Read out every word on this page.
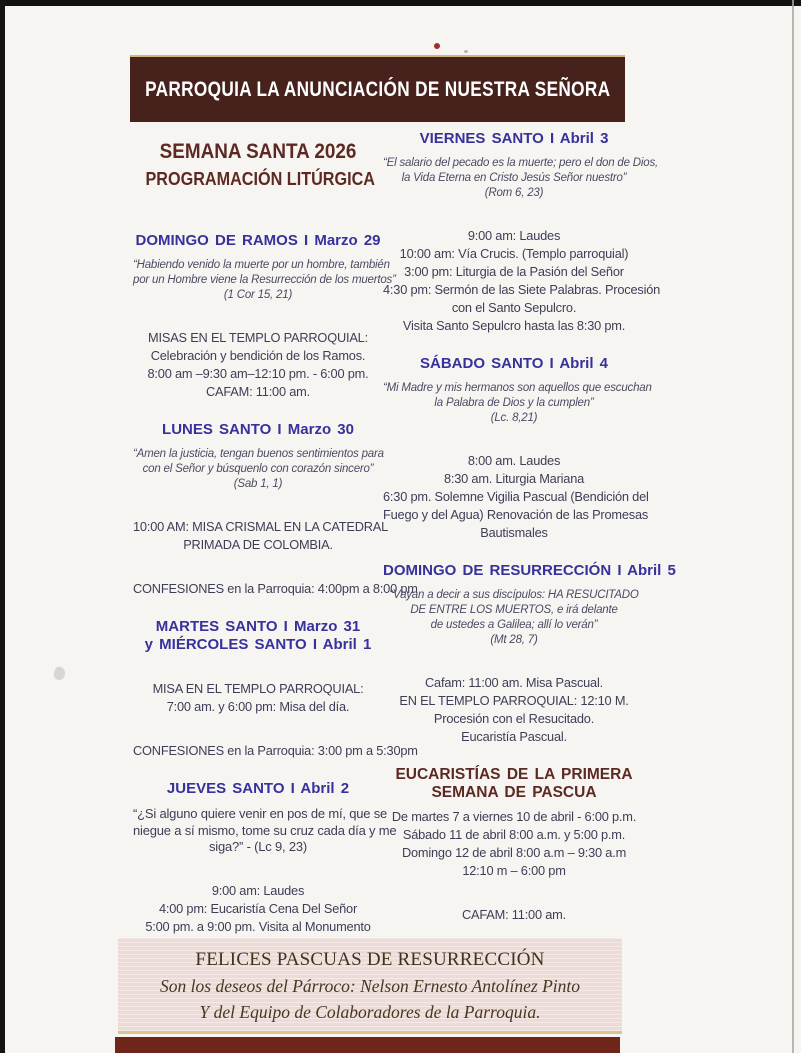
PARROQUIA LA ANUNCIACIÓN DE NUESTRA SEÑORA
SEMANA SANTA 2026
PROGRAMACIÓN LITÚRGICA
DOMINGO DE RAMOS I Marzo 29
“Habiendo venido la muerte por un hombre, también
por un Hombre viene la Resurrección de los muertos”
(1 Cor 15, 21)
MISAS EN EL TEMPLO PARROQUIAL:
Celebración y bendición de los Ramos.
8:00 am –9:30 am–12:10 pm. - 6:00 pm.
CAFAM: 11:00 am.
LUNES SANTO I Marzo 30
“Amen la justicia, tengan buenos sentimientos para
con el Señor y búsquenlo con corazón sincero”
(Sab 1, 1)
10:00 AM: MISA CRISMAL EN LA CATEDRAL
PRIMADA DE COLOMBIA.
CONFESIONES en la Parroquia: 4:00pm a 8:00 pm
MARTES SANTO I Marzo 31
y MIÉRCOLES SANTO I Abril 1
MISA EN EL TEMPLO PARROQUIAL:
7:00 am. y 6:00 pm: Misa del día.
CONFESIONES en la Parroquia: 3:00 pm a 5:30pm
JUEVES SANTO I Abril 2
“¿Si alguno quiere venir en pos de mí, que se
niegue a sí mismo, tome su cruz cada día y me
siga?” - (Lc 9, 23)
9:00 am: Laudes
4:00 pm: Eucaristía Cena Del Señor
5:00 pm. a 9:00 pm. Visita al Monumento
VIERNES SANTO I Abril 3
“El salario del pecado es la muerte; pero el don de Dios,
la Vida Eterna en Cristo Jesús Señor nuestro”
(Rom 6, 23)
9:00 am: Laudes
10:00 am: Vía Crucis. (Templo parroquial)
3:00 pm: Liturgia de la Pasión del Señor
4:30 pm: Sermón de las Siete Palabras. Procesión
con el Santo Sepulcro.
Visita Santo Sepulcro hasta las 8:30 pm.
SÁBADO SANTO I Abril 4
“Mi Madre y mis hermanos son aquellos que escuchan
la Palabra de Dios y la cumplen”
(Lc. 8,21)
8:00 am. Laudes
8:30 am. Liturgia Mariana
6:30 pm. Solemne Vigilia Pascual (Bendición del
Fuego y del Agua) Renovación de las Promesas
Bautismales
DOMINGO DE RESURRECCIÓN I Abril 5
“Vayan a decir a sus discípulos: HA RESUCITADO
DE ENTRE LOS MUERTOS, e irá delante
de ustedes a Galilea; allí lo verán”
(Mt 28, 7)
Cafam: 11:00 am. Misa Pascual.
EN EL TEMPLO PARROQUIAL: 12:10 M.
Procesión con el Resucitado.
Eucaristía Pascual.
EUCARISTÍAS DE LA PRIMERA
SEMANA DE PASCUA
De martes 7 a viernes 10 de abril - 6:00 p.m.
Sábado 11 de abril 8:00 a.m. y 5:00 p.m.
Domingo 12 de abril 8:00 a.m – 9:30 a.m
12:10 m – 6:00 pm
CAFAM: 11:00 am.
FELICES PASCUAS DE RESURRECCIÓN
Son los deseos del Párroco: Nelson Ernesto Antolínez Pinto
Y del Equipo de Colaboradores de la Parroquia.
